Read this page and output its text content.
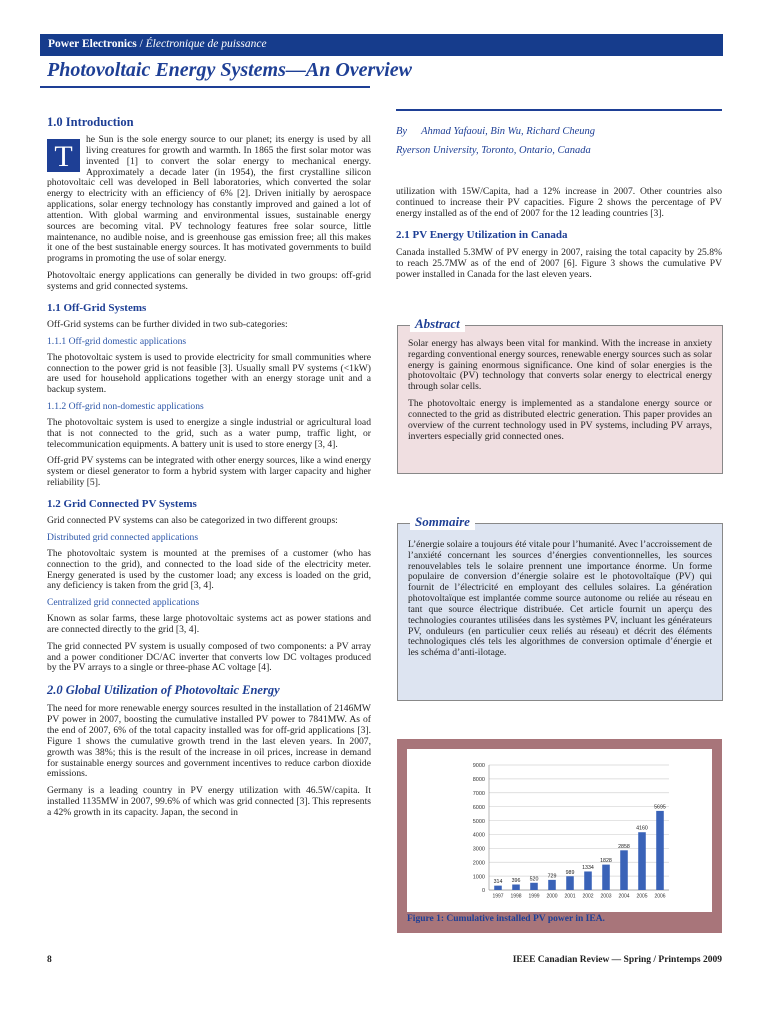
Power Electronics / Électronique de puissance
Photovoltaic Energy Systems—An Overview
By Ahmad Yafaoui, Bin Wu, Richard Cheung
Ryerson University, Toronto, Ontario, Canada
1.0 Introduction

T
he Sun is the sole energy source to our planet; its energy is used by all living creatures for growth and warmth. In 1865 the first solar motor was invented [1] to convert the solar energy to mechanical energy. Approximately a decade later (in 1954), the first crystalline silicon photovoltaic cell was developed in Bell laboratories, which converted the solar energy to electricity with an efficiency of 6% [2]. Driven initially by aerospace applications, solar energy technology has constantly improved and gained a lot of attention. With global warming and environmental issues, sustainable energy sources are becoming vital. PV technology features free solar source, little maintenance, no audible noise, and is greenhouse gas emission free; all this makes it one of the best sustainable energy sources. It has motivated governments to build programs in promoting the use of solar energy.

Photovoltaic energy applications can generally be divided in two groups: off-grid systems and grid connected systems.

1.1 Off-Grid Systems

Off-Grid systems can be further divided in two sub-categories:

1.1.1 Off-grid domestic applications

The photovoltaic system is used to provide electricity for small communities where connection to the power grid is not feasible [3]. Usually small PV systems (<1kW) are used for household applications together with an energy storage unit and a backup system.

1.1.2 Off-grid non-domestic applications

The photovoltaic system is used to energize a single industrial or agricultural load that is not connected to the grid, such as a water pump, traffic light, or telecommunication equipments. A battery unit is used to store energy [3, 4].

Off-grid PV systems can be integrated with other energy sources, like a wind energy system or diesel generator to form a hybrid system with larger capacity and higher reliability [5].

1.2 Grid Connected PV Systems

Grid connected PV systems can also be categorized in two different groups:

Distributed grid connected applications

The photovoltaic system is mounted at the premises of a customer (who has connection to the grid), and connected to the load side of the electricity meter. Energy generated is used by the customer load; any excess is loaded on the grid, any deficiency is taken from the grid [3, 4].

Centralized grid connected applications

Known as solar farms, these large photovoltaic systems act as power stations and are connected directly to the grid [3, 4].

The grid connected PV system is usually composed of two components: a PV array and a power conditioner DC/AC inverter that converts low DC voltages produced by the PV arrays to a single or three-phase AC voltage [4].

2.0 Global Utilization of Photovoltaic Energy

The need for more renewable energy sources resulted in the installation of 2146MW PV power in 2007, boosting the cumulative installed PV power to 7841MW. As of the end of 2007, 6% of the total capacity installed was for off-grid applications [3]. Figure 1 shows the cumulative growth trend in the last eleven years. In 2007, growth was 38%; this is the result of the increase in oil prices, increase in demand for sustainable energy sources and government incentives to reduce carbon dioxide emissions.

Germany is a leading country in PV energy utilization with 46.5W/capita. It installed 1135MW in 2007, 99.6% of which was grid connected [3]. This represents a 42% growth in its capacity. Japan, the second in

utilization with 15W/Capita, had a 12% increase in 2007. Other countries also continued to increase their PV capacities. Figure 2 shows the percentage of PV energy installed as of the end of 2007 for the 12 leading countries [3].

2.1 PV Energy Utilization in Canada

Canada installed 5.3MW of PV energy in 2007, raising the total capacity by 25.8% to reach 25.7MW as of the end of 2007 [6]. Figure 3 shows the cumulative PV power installed in Canada for the last eleven years.

Abstract

Solar energy has always been vital for mankind. With the increase in anxiety regarding conventional energy sources, renewable energy sources such as solar energy is gaining enormous significance. One kind of solar energies is the photovoltaic (PV) technology that converts solar energy to electrical energy through solar cells.

The photovoltaic energy is implemented as a standalone energy source or connected to the grid as distributed electric generation. This paper provides an overview of the current technology used in PV systems, including PV arrays, inverters especially grid connected ones.

Sommaire

L’énergie solaire a toujours été vitale pour l’humanité. Avec l’accroissement de l’anxiété concernant les sources d’énergies conventionnelles, les sources renouvelables tels le solaire prennent une importance énorme. Un forme populaire de conversion d’énergie solaire est le photovoltaïque (PV) qui fournit de l’électricité en employant des cellules solaires. La génération photovoltaïque est implantée comme source autonome ou reliée au réseau en tant que source électrique distribuée. Cet article fournit un aperçu des technologies courantes utilisées dans les systèmes PV, incluant les générateurs PV, onduleurs (en particulier ceux reliés au réseau) et décrit des éléments technologiques clés tels les algorithmes de conversion optimale d’énergie et les schéma d’anti-ilotage.

0
1000
2000
3000
4000
5000
6000
7000
8000
9000
314
1997
396
1998
520
1999
729
2000
989
2001
1334
2002
1828
2003
2858
2004
4160
2005
5695
2006
Figure 1: Cumulative installed PV power in IEA.
8	IEEE Canadian Review — Spring / Printemps 2009
